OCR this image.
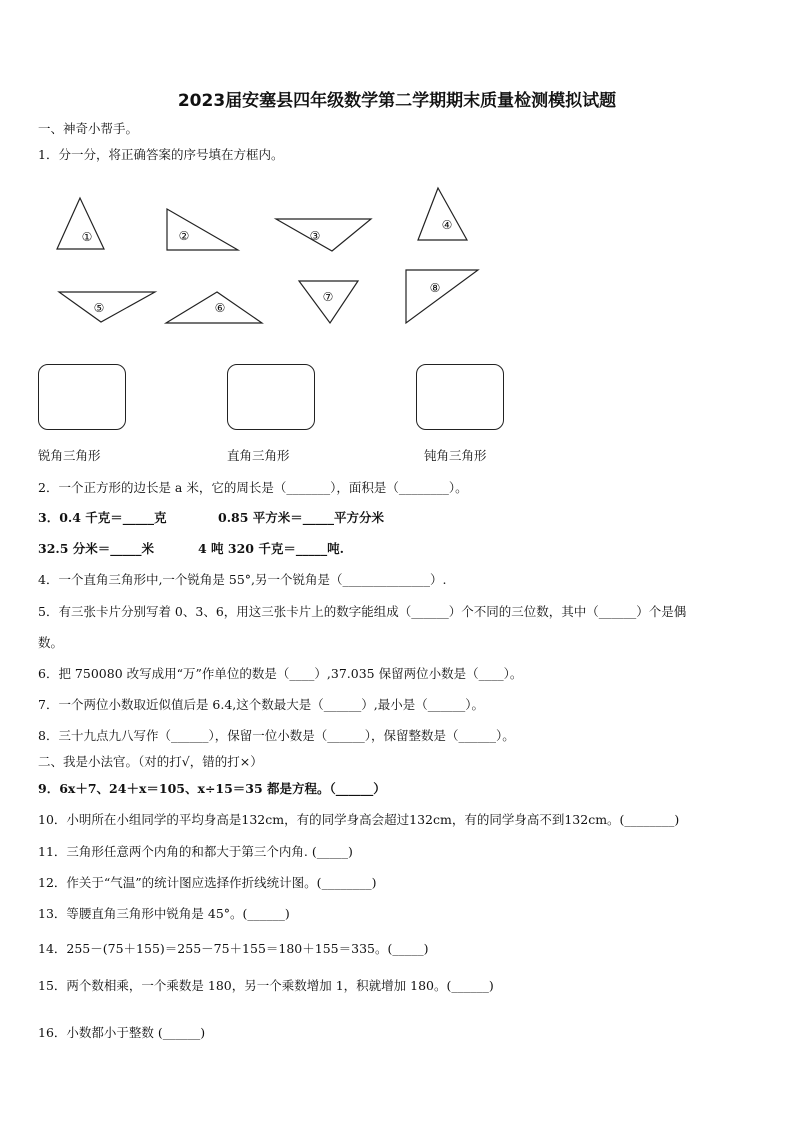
2023届安塞县四年级数学第二学期期末质量检测模拟试题
一、神奇小帮手。
1．分一分，将正确答案的序号填在方框内。
①	②	③
④
⑤	⑥
⑦
⑧
锐角三角形	直角三角形	钝角三角形
2．一个正方形的边长是 a 米，它的周长是（_______），面积是（________）。
3．0.4 千克＝_____克	0.85 平方米＝_____平方分米
32.5 分米＝_____米	4 吨 320 千克＝_____吨.
4．一个直角三角形中,一个锐角是 55°,另一个锐角是（______________）.
5．有三张卡片分别写着 0、3、6，用这三张卡片上的数字能组成（______）个不同的三位数，其中（______）个是偶
数。
6．把 750080 改写成用“万”作单位的数是（____）,37.035 保留两位小数是（____）。
7．一个两位小数取近似值后是 6.4,这个数最大是（______）,最小是（______）。
8．三十九点九八写作（______），保留一位小数是（______），保留整数是（______）。
二、我是小法官。（对的打√，错的打×）
9．6x＋7、24＋x＝105、x÷15＝35 都是方程。（______）
10．小明所在小组同学的平均身高是132cm，有的同学身高会超过132cm，有的同学身高不到132cm。(________)
11．三角形任意两个内角的和都大于第三个内角. (_____)
12．作关于“气温”的统计图应选择作折线统计图。(________)
13．等腰直角三角形中锐角是 45°。(______)
14．255－(75＋155)＝255－75＋155＝180＋155＝335。(_____)
15．两个数相乘，一个乘数是 180，另一个乘数增加 1，积就增加 180。(______)
16．小数都小于整数 (______)
